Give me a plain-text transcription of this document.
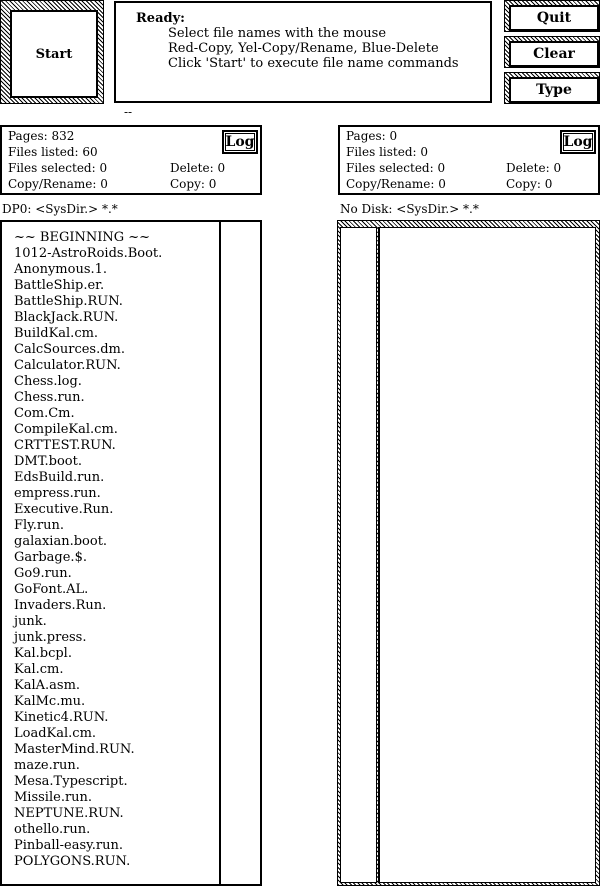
Start
Ready:
Select file names with the mouse
Red-Copy, Yel-Copy/Rename, Blue-Delete
Click 'Start' to execute file name commands
Quit
Clear
Type
--
Pages: 832
Files listed: 60
Files selected: 0	Delete: 0
Copy/Rename: 0	Copy: 0
Log	Pages: 0
Files listed: 0
Files selected: 0	Delete: 0
Copy/Rename: 0	Copy: 0
Log
DP0: <SysDir.> *.*	No Disk: <SysDir.> *.*
~~ BEGINNING ~~
1012-AstroRoids.Boot.
Anonymous.1.
BattleShip.er.
BattleShip.RUN.
BlackJack.RUN.
BuildKal.cm.
CalcSources.dm.
Calculator.RUN.
Chess.log.
Chess.run.
Com.Cm.
CompileKal.cm.
CRTTEST.RUN.
DMT.boot.
EdsBuild.run.
empress.run.
Executive.Run.
Fly.run.
galaxian.boot.
Garbage.$.
Go9.run.
GoFont.AL.
Invaders.Run.
junk.
junk.press.
Kal.bcpl.
Kal.cm.
KalA.asm.
KalMc.mu.
Kinetic4.RUN.
LoadKal.cm.
MasterMind.RUN.
maze.run.
Mesa.Typescript.
Missile.run.
NEPTUNE.RUN.
othello.run.
Pinball-easy.run.
POLYGONS.RUN.
